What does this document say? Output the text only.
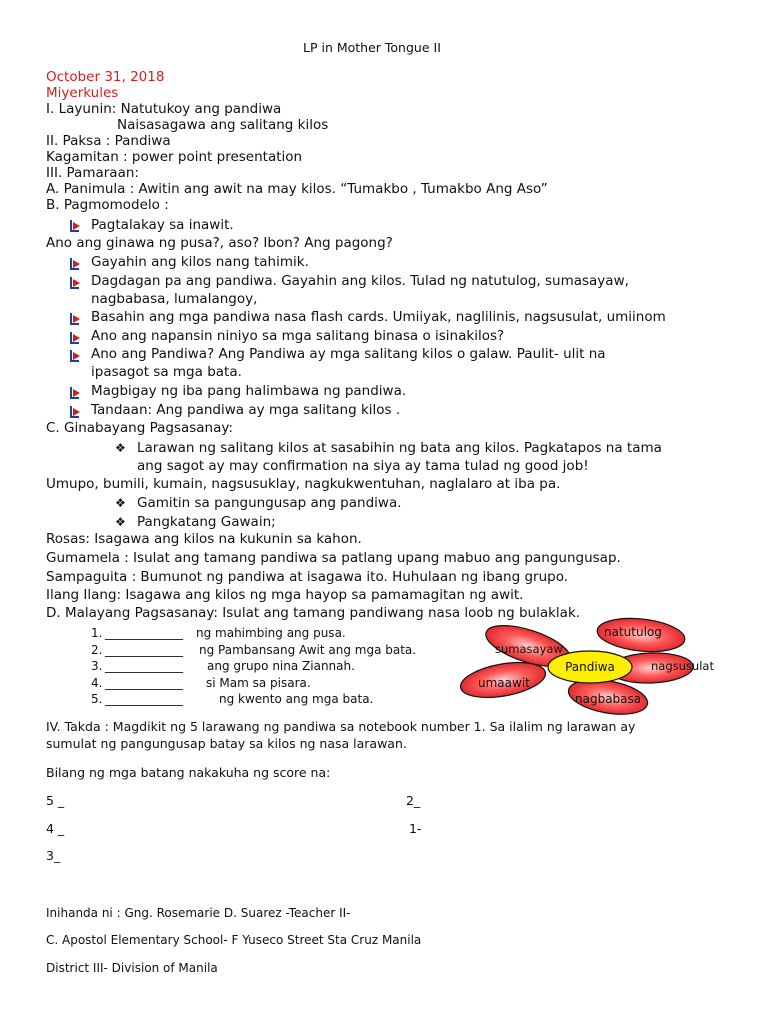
LP in Mother Tongue II
October 31, 2018
Miyerkules
I. Layunin: Natutukoy ang pandiwa
Naisasagawa ang salitang kilos
II. Paksa : Pandiwa
Kagamitan : power point presentation
III. Pamaraan:
A. Panimula : Awitin ang awit na may kilos. “Tumakbo , Tumakbo Ang Aso”
B. Pagmomodelo :
Pagtalakay sa inawit.
Ano ang ginawa ng pusa?, aso? Ibon? Ang pagong?
Gayahin ang kilos nang tahimik.
Dagdagan pa ang pandiwa. Gayahin ang kilos. Tulad ng natutulog, sumasayaw,
nagbabasa, lumalangoy,
Basahin ang mga pandiwa nasa flash cards. Umiiyak, naglilinis, nagsusulat, umiinom
Ano ang napansin niniyo sa mga salitang binasa o isinakilos?
Ano ang Pandiwa? Ang Pandiwa ay mga salitang kilos o galaw. Paulit- ulit na
ipasagot sa mga bata.
Magbigay ng iba pang halimbawa ng pandiwa.
Tandaan: Ang pandiwa ay mga salitang kilos .
C. Ginabayang Pagsasanay:
❖ Larawan ng salitang kilos at sasabihin ng bata ang kilos. Pagkatapos na tama
ang sagot ay may confirmation na siya ay tama tulad ng good job!
Umupo, bumili, kumain, nagsusuklay, nagkukwentuhan, naglalaro at iba pa.
❖ Gamitin sa pangungusap ang pandiwa.
❖ Pangkatang Gawain;
Rosas: Isagawa ang kilos na kukunin sa kahon.
Gumamela : Isulat ang tamang pandiwa sa patlang upang mabuo ang pangungusap.
Sampaguita : Bumunot ng pandiwa at isagawa ito. Huhulaan ng ibang grupo.
Ilang Ilang: Isagawa ang kilos ng mga hayop sa pamamagitan ng awit.
D. Malayang Pagsasanay: Isulat ang tamang pandiwang nasa loob ng bulaklak.
1. _____________ ng mahimbing ang pusa.
2. _____________ ng Pambansang Awit ang mga bata.
3. _____________ ang grupo nina Ziannah.
4. _____________ si Mam sa pisara.
5. _____________	ng kwento ang mga bata.
Pandiwa
natutulog
sumasayaw
nagsusulat
umaawit
nagbabasa
IV. Takda : Magdikit ng 5 larawang ng pandiwa sa notebook number 1. Sa ilalim ng larawan ay
sumulat ng pangungusap batay sa kilos ng nasa larawan.
Bilang ng mga batang nakakuha ng score na:
5 _	2_
4 _	1-
3_
Inihanda ni : Gng. Rosemarie D. Suarez -Teacher II-
C. Apostol Elementary School- F Yuseco Street Sta Cruz Manila
District III- Division of Manila
